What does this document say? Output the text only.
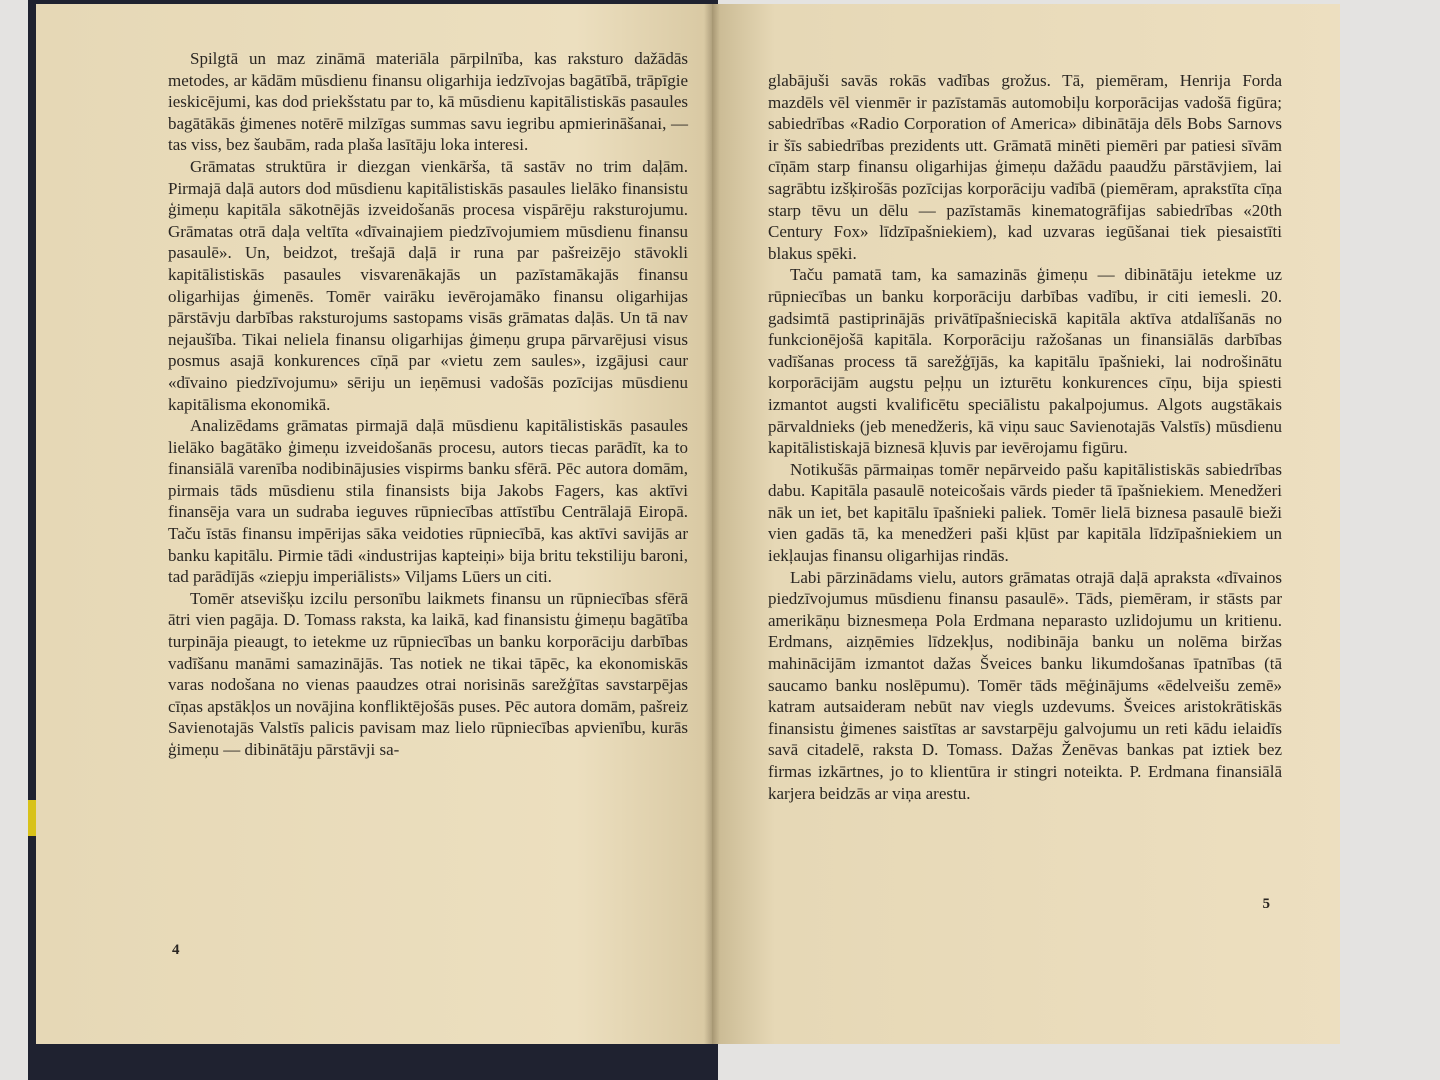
Spilgtā un maz zināmā materiāla pārpilnība, kas raksturo dažādās metodes, ar kādām mūsdienu finansu oligarhija iedzīvojas bagātībā, trāpīgie ieskicējumi, kas dod priekšstatu par to, kā mūsdienu kapitālistiskās pasaules bagātākās ģimenes notērē milzīgas summas savu iegribu apmierināšanai, — tas viss, bez šaubām, rada plaša lasītāju loka interesi.

Grāmatas struktūra ir diezgan vienkārša, tā sastāv no trim daļām. Pirmajā daļā autors dod mūsdienu kapitālistiskās pasaules lielāko finansistu ģimeņu kapitāla sākotnējās izveidošanās procesa vispārēju raksturojumu. Grāmatas otrā daļa veltīta «dīvainajiem piedzīvojumiem mūsdienu finansu pasaulē». Un, beidzot, trešajā daļā ir runa par pašreizējo stāvokli kapitālistiskās pasaules visvarenākajās un pazīstamākajās finansu oligarhijas ģimenēs. Tomēr vairāku ievērojamāko finansu oligarhijas pārstāvju darbības raksturojums sastopams visās grāmatas daļās. Un tā nav nejaušība. Tikai neliela finansu oligarhijas ģimeņu grupa pārvarējusi visus posmus asajā konkurences cīņā par «vietu zem saules», izgājusi caur «dīvaino piedzīvojumu» sēriju un ieņēmusi vadošās pozīcijas mūsdienu kapitālisma ekonomikā.

Analizēdams grāmatas pirmajā daļā mūsdienu kapitālistiskās pasaules lielāko bagātāko ģimeņu izveidošanās procesu, autors tiecas parādīt, ka to finansiālā varenība nodibinājusies vispirms banku sfērā. Pēc autora domām, pirmais tāds mūsdienu stila finansists bija Jakobs Fagers, kas aktīvi finansēja vara un sudraba ieguves rūpniecības attīstību Centrālajā Eiropā. Taču īstās finansu impērijas sāka veidoties rūpniecībā, kas aktīvi savijās ar banku kapitālu. Pirmie tādi «industrijas kapteiņi» bija britu tekstiliju baroni, tad parādījās «ziepju imperiālists» Viljams Lūers un citi.

Tomēr atsevišķu izcilu personību laikmets finansu un rūpniecības sfērā ātri vien pagāja. D. Tomass raksta, ka laikā, kad finansistu ģimeņu bagātība turpināja pieaugt, to ietekme uz rūpniecības un banku korporāciju darbības vadīšanu manāmi samazinājās. Tas notiek ne tikai tāpēc, ka ekonomiskās varas nodošana no vienas paaudzes otrai norisinās sarežģītas savstarpējas cīņas apstākļos un novājina konfliktējošās puses. Pēc autora domām, pašreiz Savienotajās Valstīs palicis pavisam maz lielo rūpniecības apvienību, kurās ģimeņu — dibinātāju pārstāvji sa-

4

glabājuši savās rokās vadības grožus. Tā, piemēram, Henrija Forda mazdēls vēl vienmēr ir pazīstamās automobiļu korporācijas vadošā figūra; sabiedrības «Radio Corporation of America» dibinātāja dēls Bobs Sarnovs ir šīs sabiedrības prezidents utt. Grāmatā minēti piemēri par patiesi sīvām cīņām starp finansu oligarhijas ģimeņu dažādu paaudžu pārstāvjiem, lai sagrābtu izšķirošās pozīcijas korporāciju vadībā (piemēram, aprakstīta cīņa starp tēvu un dēlu — pazīstamās kinematogrāfijas sabiedrības «20th Century Fox» līdzīpašniekiem), kad uzvaras iegūšanai tiek piesaistīti blakus spēki.

Taču pamatā tam, ka samazinās ģimeņu — dibinātāju ietekme uz rūpniecības un banku korporāciju darbības vadību, ir citi iemesli. 20. gadsimtā pastiprinājās privātīpašnieciskā kapitāla aktīva atdalīšanās no funkcionējošā kapitāla. Korporāciju ražošanas un finansiālās darbības vadīšanas process tā sarežģījās, ka kapitālu īpašnieki, lai nodrošinātu korporācijām augstu peļņu un izturētu konkurences cīņu, bija spiesti izmantot augsti kvalificētu speciālistu pakalpojumus. Algots augstākais pārvaldnieks (jeb menedžeris, kā viņu sauc Savienotajās Valstīs) mūsdienu kapitālistiskajā biznesā kļuvis par ievērojamu figūru.

Notikušās pārmaiņas tomēr nepārveido pašu kapitālistiskās sabiedrības dabu. Kapitāla pasaulē noteicošais vārds pieder tā īpašniekiem. Menedžeri nāk un iet, bet kapitālu īpašnieki paliek. Tomēr lielā biznesa pasaulē bieži vien gadās tā, ka menedžeri paši kļūst par kapitāla līdzīpašniekiem un iekļaujas finansu oligarhijas rindās.

Labi pārzinādams vielu, autors grāmatas otrajā daļā apraksta «dīvainos piedzīvojumus mūsdienu finansu pasaulē». Tāds, piemēram, ir stāsts par amerikāņu biznesmeņa Pola Erdmana neparasto uzlidojumu un kritienu. Erdmans, aizņēmies līdzekļus, nodibināja banku un nolēma biržas mahinācijām izmantot dažas Šveices banku likumdošanas īpatnības (tā saucamo banku noslēpumu). Tomēr tāds mēģinājums «ēdelveišu zemē» katram autsaideram nebūt nav viegls uzdevums. Šveices aristokrātiskās finansistu ģimenes saistītas ar savstarpēju galvojumu un reti kādu ielaidīs savā citadelē, raksta D. Tomass. Dažas Ženēvas bankas pat iztiek bez firmas izkārtnes, jo to klientūra ir stingri noteikta. P. Erdmana finansiālā karjera beidzās ar viņa arestu.

5
